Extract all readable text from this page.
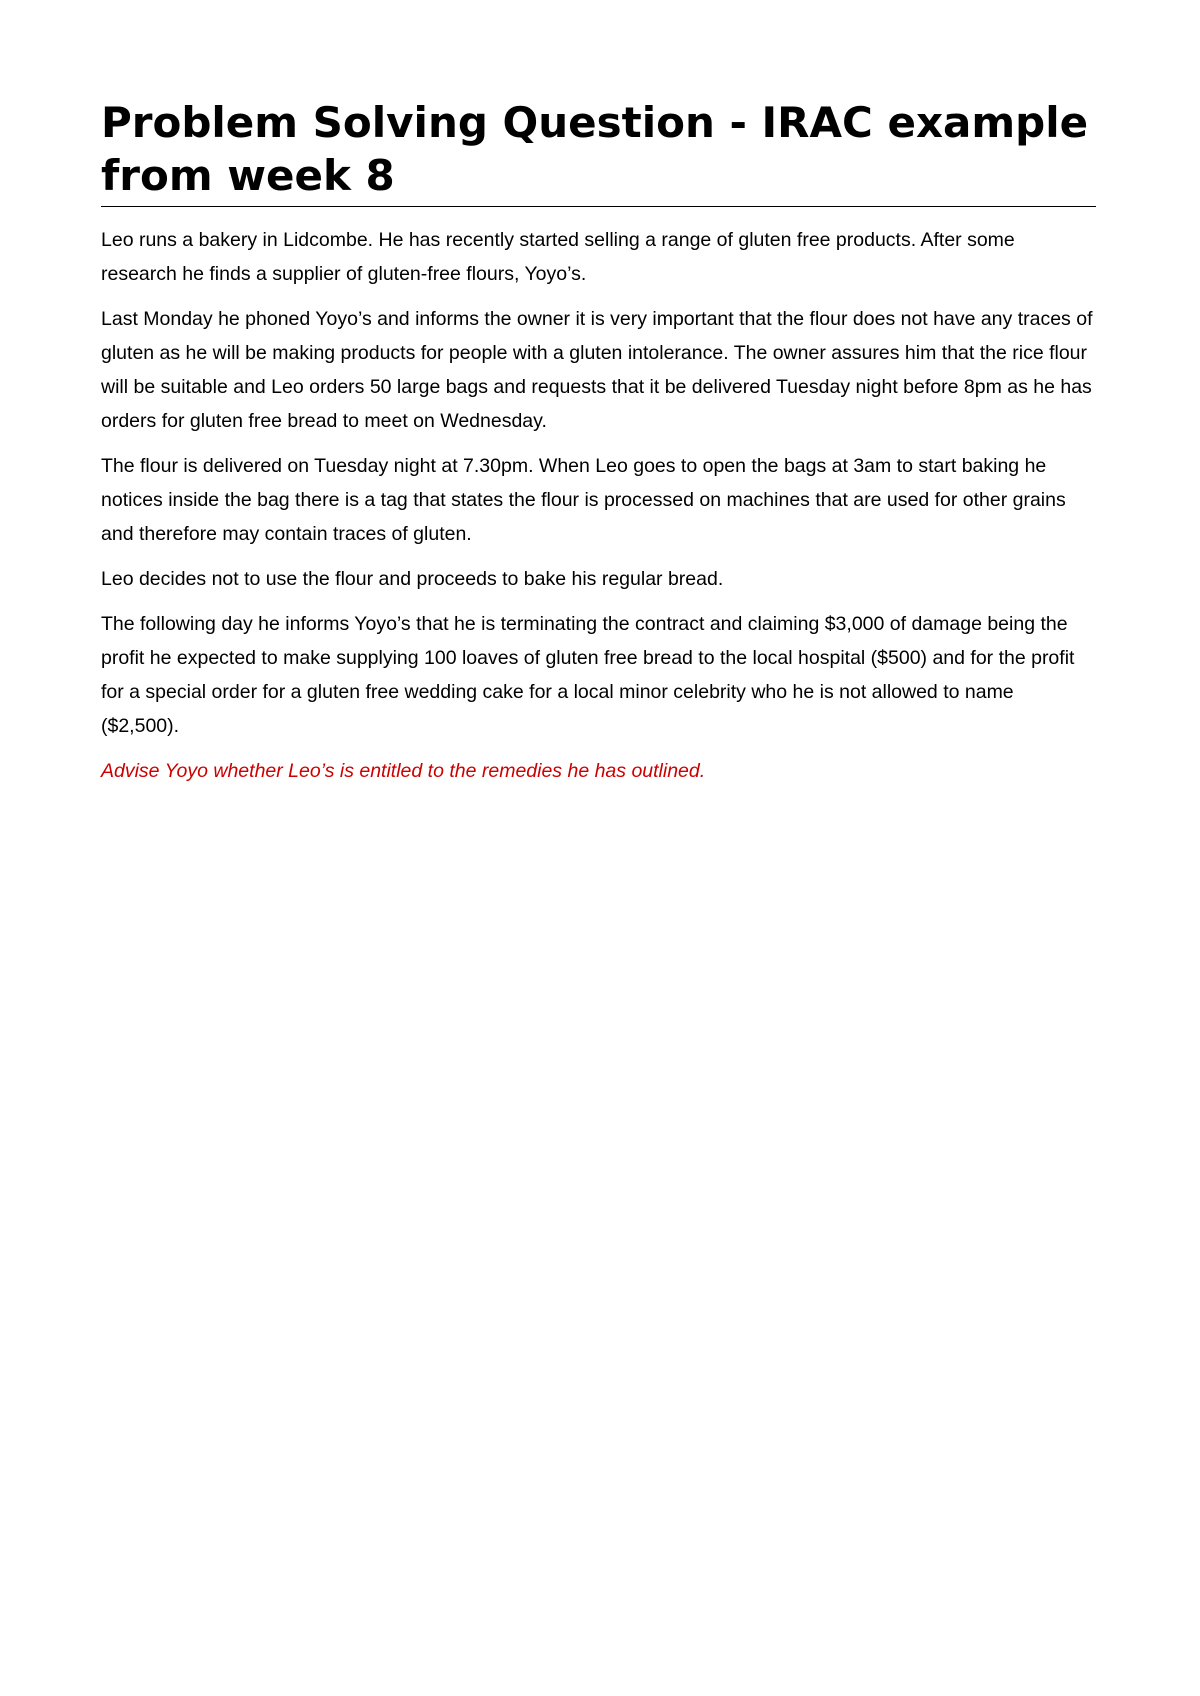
Problem Solving Question - IRAC example from week 8

Leo runs a bakery in Lidcombe. He has recently started selling a range of gluten free products. After some research he finds a supplier of gluten-free flours, Yoyo’s.

Last Monday he phoned Yoyo’s and informs the owner it is very important that the flour does not have any traces of gluten as he will be making products for people with a gluten intolerance. The owner assures him that the rice flour will be suitable and Leo orders 50 large bags and requests that it be delivered Tuesday night before 8pm as he has orders for gluten free bread to meet on Wednesday.

The flour is delivered on Tuesday night at 7.30pm. When Leo goes to open the bags at 3am to start baking he notices inside the bag there is a tag that states the flour is processed on machines that are used for other grains and therefore may contain traces of gluten.

Leo decides not to use the flour and proceeds to bake his regular bread.

The following day he informs Yoyo’s that he is terminating the contract and claiming $3,000 of damage being the profit he expected to make supplying 100 loaves of gluten free bread to the local hospital ($500) and for the profit for a special order for a gluten free wedding cake for a local minor celebrity who he is not allowed to name ($2,500).

Advise Yoyo whether Leo’s is entitled to the remedies he has outlined.
